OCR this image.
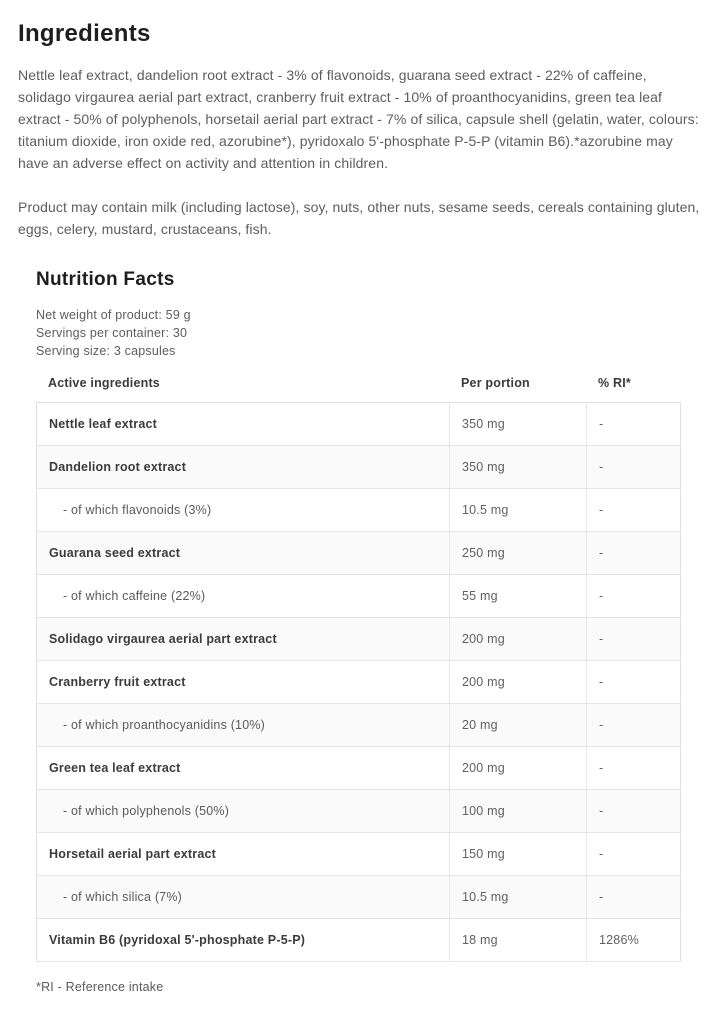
Ingredients

Nettle leaf extract, dandelion root extract - 3% of flavonoids, guarana seed extract - 22% of caffeine, solidago virgaurea aerial part extract, cranberry fruit extract - 10% of proanthocyanidins, green tea leaf extract - 50% of polyphenols, horsetail aerial part extract - 7% of silica, capsule shell (gelatin, water, colours: titanium dioxide, iron oxide red, azorubine*), pyridoxalo 5'-phosphate P-5-P (vitamin B6).*azorubine may have an adverse effect on activity and attention in children.

Product may contain milk (including lactose), soy, nuts, other nuts, sesame seeds, cereals containing gluten, eggs, celery, mustard, crustaceans, fish.

Nutrition Facts
Net weight of product: 59 g
Servings per container: 30
Serving size: 3 capsules
Active ingredients	Per portion	% RI*
Nettle leaf extract	350 mg	-
Dandelion root extract	350 mg	-
- of which flavonoids (3%)	10.5 mg	-
Guarana seed extract	250 mg	-
- of which caffeine (22%)	55 mg	-
Solidago virgaurea aerial part extract	200 mg	-
Cranberry fruit extract	200 mg	-
- of which proanthocyanidins (10%)	20 mg	-
Green tea leaf extract	200 mg	-
- of which polyphenols (50%)	100 mg	-
Horsetail aerial part extract	150 mg	-
- of which silica (7%)	10.5 mg	-
Vitamin B6 (pyridoxal 5'-phosphate P-5-P)	18 mg	1286%
*RI - Reference intake
